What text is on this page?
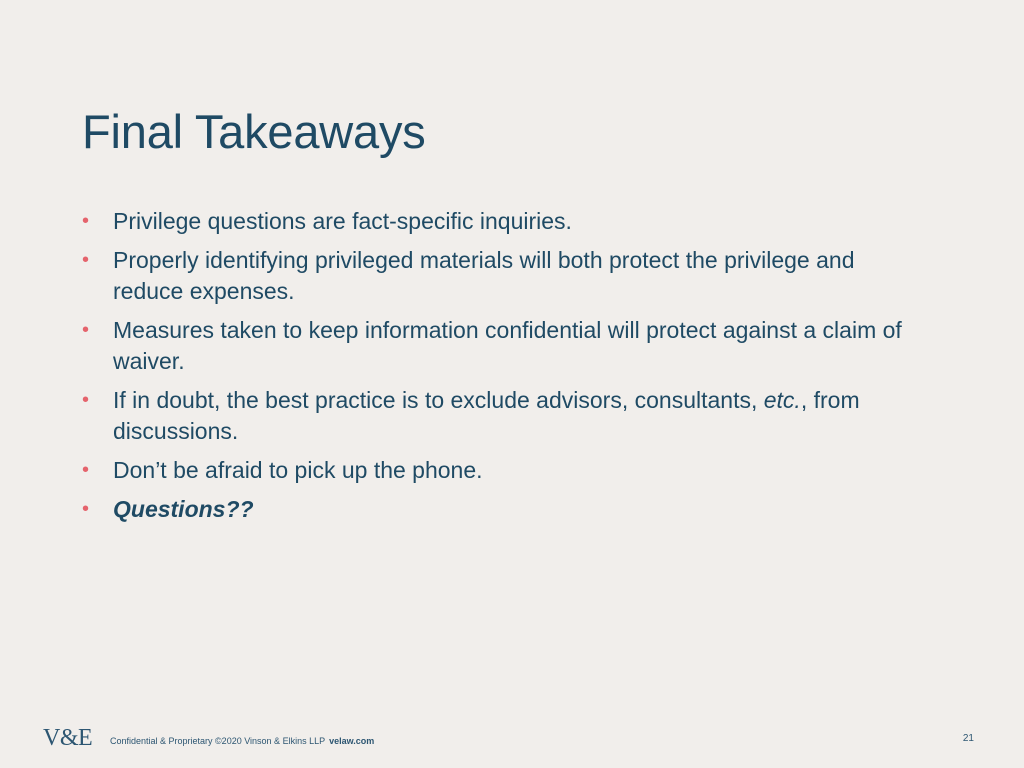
Final Takeaways
• Privilege questions are fact-specific inquiries.
• Properly identifying privileged materials will both protect the privilege and reduce expenses.
• Measures taken to keep information confidential will protect against a claim of waiver.
• If in doubt, the best practice is to exclude advisors, consultants, etc., from discussions.
• Don’t be afraid to pick up the phone.
• Questions??
V&E Confidential & Proprietary ©2020 Vinson & Elkins LLP velaw.com	21
